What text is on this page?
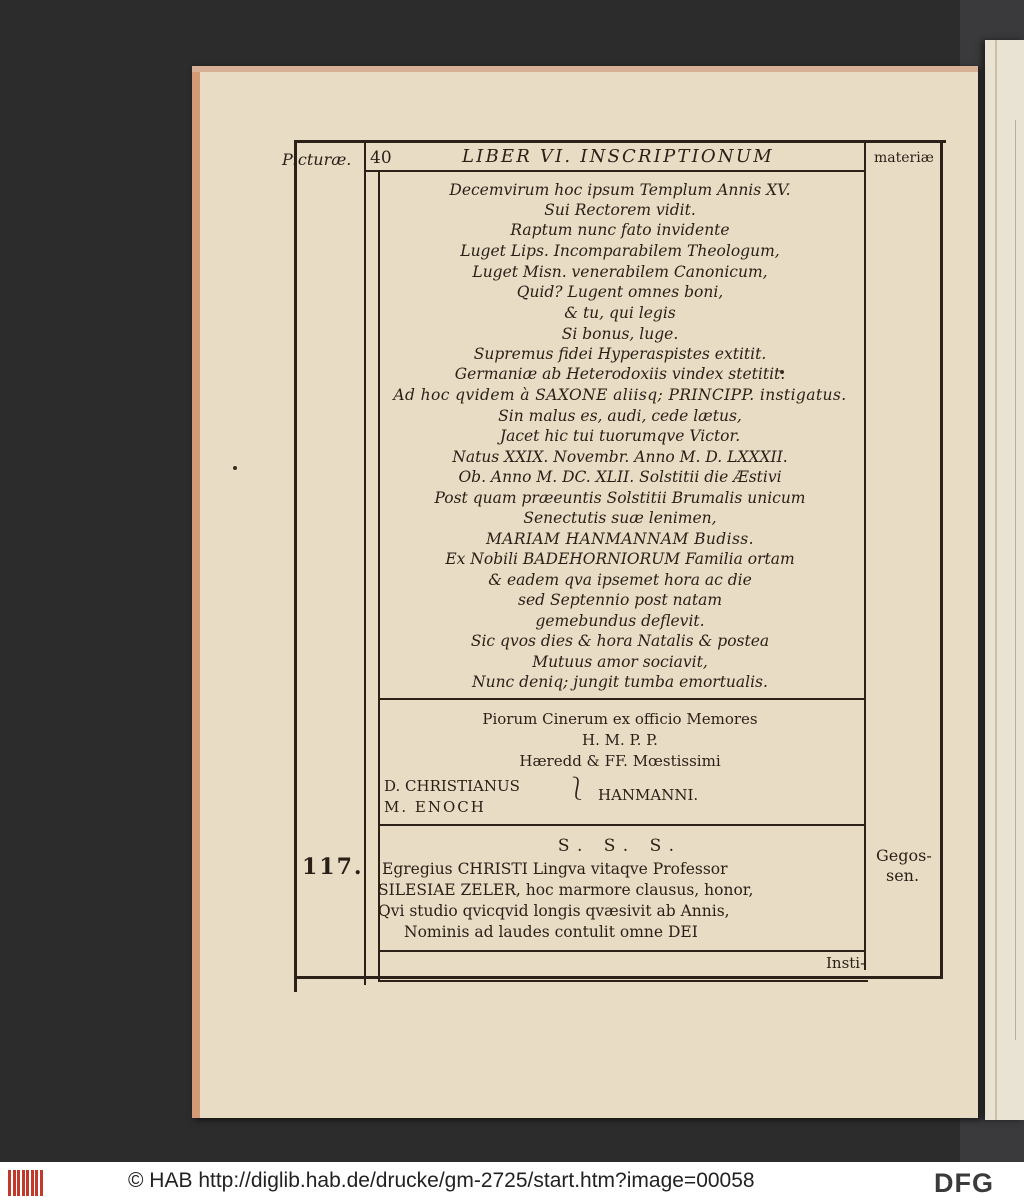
Picturæ. 40	LIBER VI. INSCRIPTIONUM	materiæ
Decemvirum hoc ipsum Templum Annis XV.
Sui Rectorem vidit.
Raptum nunc fato invidente
Luget Lips. Incomparabilem Theologum,
Luget Misn. venerabilem Canonicum,
Quid? Lugent omnes boni,
& tu, qui legis
Si bonus, luge.
Supremus fidei Hyperaspistes extitit.
Germaniæ ab Heterodoxiis vindex stetitit.
Ad hoc qvidem à SAXONE aliisq; PRINCIPP. instigatus.
Sin malus es, audi, cede lætus,
Jacet hic tui tuorumqve Victor.
Natus XXIX. Novembr. Anno M. D. LXXXII.
Ob. Anno M. DC. XLII. Solstitii die Æstivi
Post quam præeuntis Solstitii Brumalis unicum
Senectutis suæ lenimen,
MARIAM HANMANNAM Budiss.
Ex Nobili BADEHORNIORUM Familia ortam
& eadem qva ipsemet hora ac die
sed Septennio post natam
gemebundus deflevit.
Sic qvos dies & hora Natalis & postea
Mutuus amor sociavit,
Nunc deniq; jungit tumba emortualis.
Piorum Cinerum ex officio Memores
H. M. P. P.
Hæredd & FF. Mœstissimi
D. CHRISTIANUS
M. ENOCH
⎱ HANMANNI.
117.
S. S. S.
Egregius CHRISTI Lingva vitaqve Professor
SILESIAE ZELER, hoc marmore clausus, honor,
Qvi studio qvicqvid longis qvæsivit ab Annis,
Nominis ad laudes contulit omne DEI
Gegos-
sen.
Insti-
© HAB http://diglib.hab.de/drucke/gm-2725/start.htm?image=00058	DFG
